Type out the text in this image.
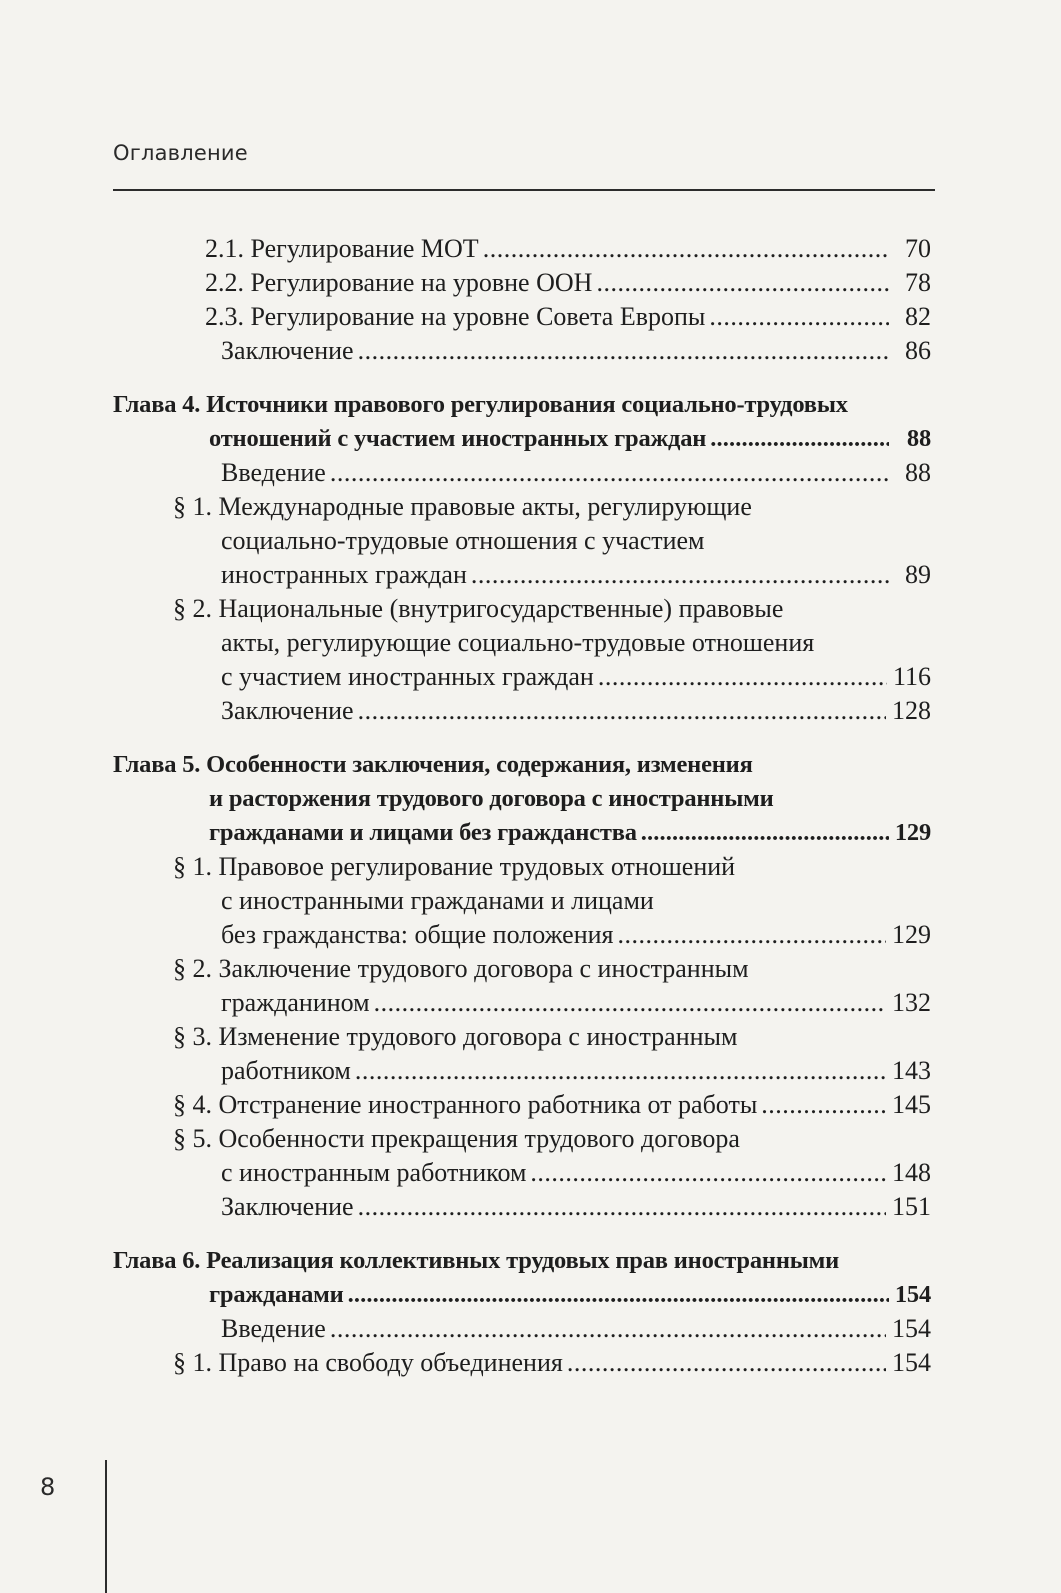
Оглавление
2.1. Регулирование МОТ . . .	70
2.2. Регулирование на уровне ООН . . .	78
2.3. Регулирование на уровне Совета Европы . . .	82
Заключение . . .	86
Глава 4. Источники правового регулирования социально-трудовых
отношений с участием иностранных граждан . . .	88
Введение . . .	88
§ 1. Международные правовые акты, регулирующие
социально-трудовые отношения с участием
иностранных граждан . . .	89
§ 2. Национальные (внутригосударственные) правовые
акты, регулирующие социально-трудовые отношения
с участием иностранных граждан . . .	116
Заключение . . .	128
Глава 5. Особенности заключения, содержания, изменения
и расторжения трудового договора с иностранными
гражданами и лицами без гражданства . . .	129
§ 1. Правовое регулирование трудовых отношений
с иностранными гражданами и лицами
без гражданства: общие положения . . .	129
§ 2. Заключение трудового договора с иностранным
гражданином . . .	132
§ 3. Изменение трудового договора с иностранным
работником . . .	143
§ 4. Отстранение иностранного работника от работы . . .	145
§ 5. Особенности прекращения трудового договора
с иностранным работником . . .	148
Заключение . . .	151
Глава 6. Реализация коллективных трудовых прав иностранными
гражданами . . .	154
Введение . . .	154
§ 1. Право на свободу объединения . . .	154
8
